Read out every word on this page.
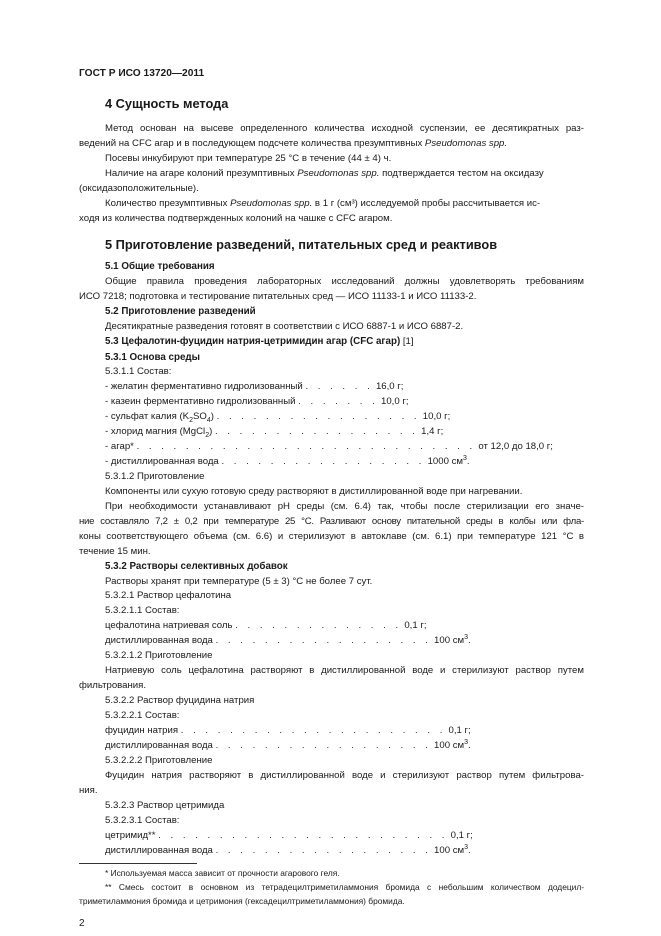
ГОСТ Р ИСО 13720—2011
4 Сущность метода
Метод основан на высеве определенного количества исходной суспензии, ее десятикратных раз-
ведений на CFC агар и в последующем подсчете количества презумптивных Pseudomonas spp.
Посевы инкубируют при температуре 25 °С в течение (44 ± 4) ч.
Наличие на агаре колоний презумптивных Pseudomonas spp. подтверждается тестом на оксидазу
(оксидазоположительные).
Количество презумптивных Pseudomonas spp. в 1 г (см³) исследуемой пробы рассчитывается ис-
ходя из количества подтвержденных колоний на чашке с CFC агаром.
5 Приготовление разведений, питательных сред и реактивов
5.1 Общие требования
Общие правила проведения лабораторных исследований должны удовлетворять требованиям
ИСО 7218; подготовка и тестирование питательных сред — ИСО 11133-1 и ИСО 11133-2.
5.2 Приготовление разведений
Десятикратные разведения готовят в соответствии с ИСО 6887-1 и ИСО 6887-2.
5.3 Цефалотин-фуцидин натрия-цетримидин агар (CFC агар) [1]
5.3.1 Основа среды
5.3.1.1 Состав:
- желатин ферментативно гидролизованный . . . . . . 16,0 г;
- казеин ферментативно гидролизованный . . . . . . . 10,0 г;
- сульфат калия $(K_2SO_4)$ . . . . . . . . . . . . . . . . . 10,0 г;
- хлорид магния (MgCl$_2$) . . . . . . . . . . . . . . . . . 1,4 г;
- агар* . . . . . . . . . . . . . . . . . . . . . . . . . . . . от 12,0 до 18,0 г;
- дистиллированная вода . . . . . . . . . . . . . . . . . 1000 $см^3$.
5.3.1.2 Приготовление
Компоненты или сухую готовую среду растворяют в дистиллированной воде при нагревании.
При необходимости устанавливают pH среды (см. 6.4) так, чтобы после стерилизации его значе-
ние составляло 7,2 ± 0,2 при температуре 25 °С. Разливают основу питательной среды в колбы или флa-
коны соответствующего объема (см. 6.6) и стерилизуют в автоклаве (см. 6.1) при температуре 121 °С в
течение 15 мин.
5.3.2 Растворы селективных добавок
Растворы хранят при температуре (5 ± 3) °С не более 7 сут.
5.3.2.1 Раствор цефалотина
5.3.2.1.1 Состав:
цефалотина натриевая соль . . . . . . . . . . . . . . 0,1 г;
дистиллированная вода . . . . . . . . . . . . . . . . . . 100 $см^3$.
5.3.2.1.2 Приготовление
Натриевую соль цефалотина растворяют в дистиллированной воде и стерилизуют раствор путем
фильтрования.
5.3.2.2 Раствор фуцидина натрия
5.3.2.2.1 Состав:
фуцидин натрия . . . . . . . . . . . . . . . . . . . . . . 0,1 г;
дистиллированная вода . . . . . . . . . . . . . . . . . . 100 $см^3$.
5.3.2.2.2 Приготовление
Фуцидин натрия растворяют в дистиллированной воде и стерилизуют раствор путем фильтрова-
ния.
5.3.2.3 Раствор цетримида
5.3.2.3.1 Состав:
цетримид** . . . . . . . . . . . . . . . . . . . . . . . . 0,1 г;
дистиллированная вода . . . . . . . . . . . . . . . . . . 100 $см^3$.
* Используемая масса зависит от прочности агарового геля.
** Смесь состоит в основном из тетрадецилтриметиламмония бромида с небольшим количеством додецил-
триметиламмония бромида и цетримония (гексадецилтриметиламмония) бромида.
2
